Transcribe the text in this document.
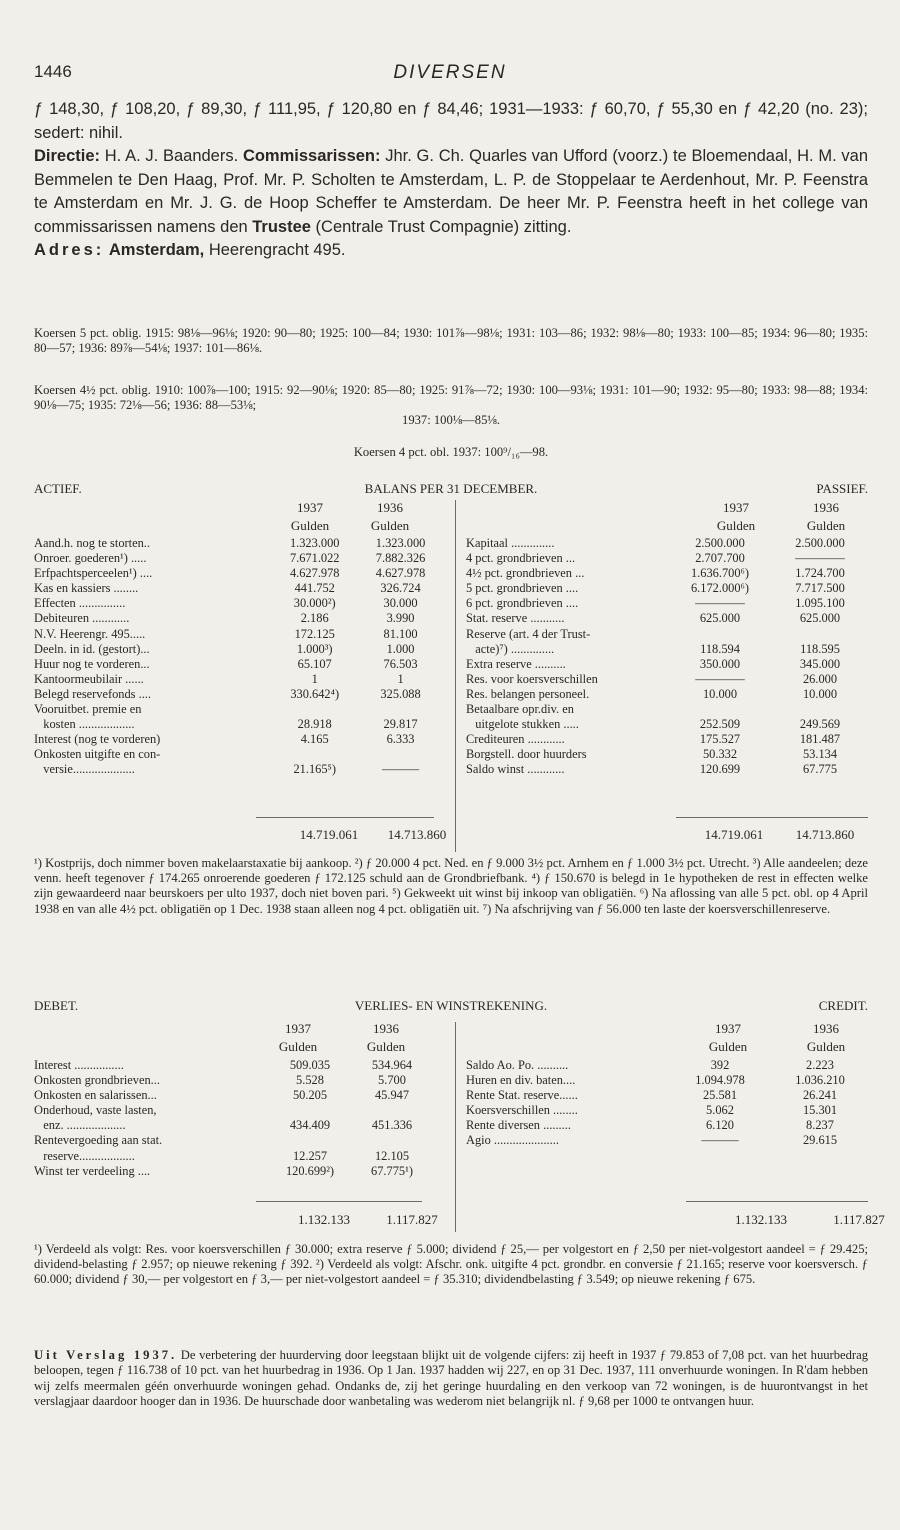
1446	DIVERSEN

ƒ 148,30, ƒ 108,20, ƒ 89,30, ƒ 111,95, ƒ 120,80 en ƒ 84,46; 1931—1933: ƒ 60,70, ƒ 55,30 en ƒ 42,20 (no. 23); sedert: nihil.

Directie: H. A. J. Baanders. Commissarissen: Jhr. G. Ch. Quarles van Ufford (voorz.) te Bloemendaal, H. M. van Bemmelen te Den Haag, Prof. Mr. P. Scholten te Amsterdam, L. P. de Stoppelaar te Aerdenhout, Mr. P. Feenstra te Amsterdam en Mr. J. G. de Hoop Scheffer te Amsterdam. De heer Mr. P. Feenstra heeft in het college van commissarissen namens den Trustee (Centrale Trust Compagnie) zitting.

Adres: Amsterdam, Heerengracht 495.

Koersen 5 pct. oblig. 1915: 98⅛—96⅛; 1920: 90—80; 1925: 100—84; 1930: 101⅞—98⅛; 1931: 103—86; 1932: 98⅛—80; 1933: 100—85; 1934: 96—80; 1935: 80—57; 1936: 89⅞—54⅛; 1937: 101—86⅛.

Koersen 4½ pct. oblig. 1910: 100⅞—100; 1915: 92—90⅛; 1920: 85—80; 1925: 91⅞—72; 1930: 100—93⅛; 1931: 101—90; 1932: 95—80; 1933: 98—88; 1934: 90⅛—75; 1935: 72⅛—56; 1936: 88—53⅛;

1937: 100⅛—85⅛.

Koersen 4 pct. obl. 1937: 100⁹/₁₆—98.

ACTIEF.	BALANS PER 31 DECEMBER.	PASSIEF.
1937	1936	1937	1936
Gulden	Gulden	Gulden	Gulden
Aand.h. nog te storten..	1.323.000	1.323.000
Onroer. goederen¹) .....	7.671.022	7.882.326
Erfpachtsperceelen¹) ....	4.627.978	4.627.978
Kas en kassiers ........	441.752	326.724
Effecten ...............	30.000²)	30.000
Debiteuren ............	2.186	3.990
N.V. Heerengr. 495.....	172.125	81.100
Deeln. in id. (gestort)...	1.000³)	1.000
Huur nog te vorderen...	65.107	76.503
Kantoormeubilair ......	1	1
Belegd reservefonds ....	330.642⁴)	325.088
Vooruitbet. premie en		
kosten ..................	28.918	29.817
Interest (nog te vorderen)	4.165	6.333
Onkosten uitgifte en con-		
versie....................	21.165⁵)	———
Kapitaal ..............	2.500.000	2.500.000
4 pct. grondbrieven ...	2.707.700	————
4½ pct. grondbrieven ...	1.636.700⁶)	1.724.700
5 pct. grondbrieven ....	6.172.000⁶)	7.717.500
6 pct. grondbrieven ....	————	1.095.100
Stat. reserve ...........	625.000	625.000
Reserve (art. 4 der Trust-		
acte)⁷) ..............	118.594	118.595
Extra reserve ..........	350.000	345.000
Res. voor koersverschillen	————	26.000
Res. belangen personeel.	10.000	10.000
Betaalbare opr.div. en		
uitgelote stukken .....	252.509	249.569
Crediteuren ............	175.527	181.487
Borgstell. door huurders	50.332	53.134
Saldo winst ............	120.699	67.775
14.719.061	14.713.860	14.719.061	14.713.860

¹) Kostprijs, doch nimmer boven makelaarstaxatie bij aankoop. ²) ƒ 20.000 4 pct. Ned. en ƒ 9.000 3½ pct. Arnhem en ƒ 1.000 3½ pct. Utrecht. ³) Alle aandeelen; deze venn. heeft tegenover ƒ 174.265 onroerende goederen ƒ 172.125 schuld aan de Grondbriefbank. ⁴) ƒ 150.670 is belegd in 1e hypotheken de rest in effecten welke zijn gewaardeerd naar beurskoers per ulto 1937, doch niet boven pari. ⁵) Gekweekt uit winst bij inkoop van obligatiën. ⁶) Na aflossing van alle 5 pct. obl. op 4 April 1938 en van alle 4½ pct. obligatiën op 1 Dec. 1938 staan alleen nog 4 pct. obligatiën uit. ⁷) Na afschrijving van ƒ 56.000 ten laste der koersverschillenreserve.

DEBET.	VERLIES- EN WINSTREKENING.	CREDIT.
1937	1936	1937	1936
Gulden	Gulden	Gulden	Gulden
Interest ................	509.035	534.964
Onkosten grondbrieven...	5.528	5.700
Onkosten en salarissen...	50.205	45.947
Onderhoud, vaste lasten,		
enz. ...................	434.409	451.336
Rentevergoeding aan stat.		
reserve..................	12.257	12.105
Winst ter verdeeling ....	120.699²)	67.775¹)
Saldo Ao. Po. ..........	392	2.223
Huren en div. baten....	1.094.978	1.036.210
Rente Stat. reserve......	25.581	26.241
Koersverschillen ........	5.062	15.301
Rente diversen .........	6.120	8.237
Agio .....................	———	29.615

1.132.133	1.117.827	1.132.133	1.117.827

¹) Verdeeld als volgt: Res. voor koersverschillen ƒ 30.000; extra reserve ƒ 5.000; dividend ƒ 25,— per volgestort en ƒ 2,50 per niet-volgestort aandeel = ƒ 29.425; dividend-belasting ƒ 2.957; op nieuwe rekening ƒ 392. ²) Verdeeld als volgt: Afschr. onk. uitgifte 4 pct. grondbr. en conversie ƒ 21.165; reserve voor koersversch. ƒ 60.000; dividend ƒ 30,— per volgestort en ƒ 3,— per niet-volgestort aandeel = ƒ 35.310; dividendbelasting ƒ 3.549; op nieuwe rekening ƒ 675.

Uit Verslag 1937. De verbetering der huurderving door leegstaan blijkt uit de volgende cijfers: zij heeft in 1937 ƒ 79.853 of 7,08 pct. van het huurbedrag beloopen, tegen ƒ 116.738 of 10 pct. van het huurbedrag in 1936. Op 1 Jan. 1937 hadden wij 227, en op 31 Dec. 1937, 111 onverhuurde woningen. In R'dam hebben wij zelfs meermalen géén onverhuurde woningen gehad. Ondanks de, zij het geringe huurdaling en den verkoop van 72 woningen, is de huurontvangst in het verslagjaar daardoor hooger dan in 1936. De huurschade door wanbetaling was wederom niet belangrijk nl. ƒ 9,68 per 1000 te ontvangen huur.
